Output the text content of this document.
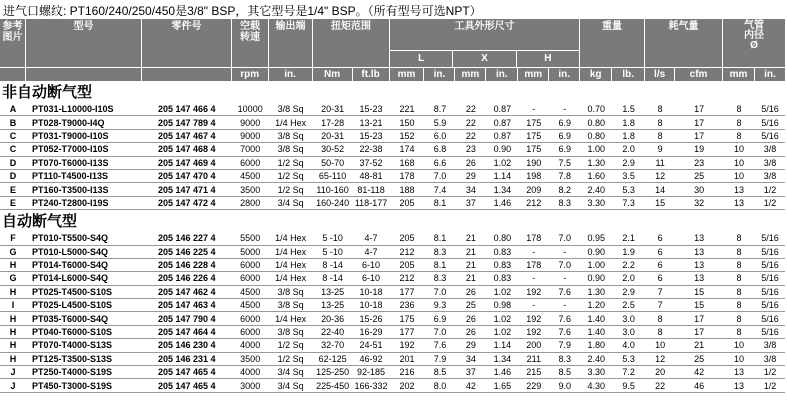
进气口螺纹: PT160/240/250/450是3/8" BSP，其它型号是1/4" BSP。（所有型号可选NPT）
参考
图片
型号	零件号	空载
转速
输出端	扭矩范围	工具外形尺寸
L	X	H
重量	耗气量	气管
内径
Ø
rpm	in.	Nm	ft.lb	mm	in.	mm	in.	mm	in.	kg	lb.	l/s	cfm	mm	in.
非自动断气型
A	PT031-L10000-I10S	205 147 466 4	10000	3/8 Sq	20-31	15-23	221	8.7	22	0.87	-	-	0.70	1.5	8	17	8	5/16
B	PT028-T9000-I4Q	205 147 789 4	9000	1/4 Hex	17-28	13-21	150	5.9	22	0.87	175	6.9	0.80	1.8	8	17	8	5/16
C	PT031-T9000-I10S	205 147 467 4	9000	3/8 Sq	20-31	15-23	152	6.0	22	0.87	175	6.9	0.80	1.8	8	17	8	5/16
C	PT052-T7000-I10S	205 147 468 4	7000	3/8 Sq	30-52	22-38	174	6.8	23	0.90	175	6.9	1.00	2.0	9	19	10	3/8
D	PT070-T6000-I13S	205 147 469 4	6000	1/2 Sq	50-70	37-52	168	6.6	26	1.02	190	7.5	1.30	2.9	11	23	10	3/8
D	PT110-T4500-I13S	205 147 470 4	4500	1/2 Sq	65-110	48-81	178	7.0	29	1.14	198	7.8	1.60	3.5	12	25	10	3/8
E	PT160-T3500-I13S	205 147 471 4	3500	1/2 Sq	110-160 81-118	188	7.4	34	1.34	209	8.2	2.40	5.3	14	30	13	1/2
E	PT240-T2800-I19S	205 147 472 4	2800	3/4 Sq	160-240 118-177	205	8.1	37	1.46	212	8.3	3.30	7.3	15	32	13	1/2
自动断气型
F	PT010-T5500-S4Q	205 146 227 4	5500	1/4 Hex	5 -10	4-7	205	8.1	21	0.80	178	7.0	0.95	2.1	6	13	8	5/16
G	PT010-L5000-S4Q	205 146 225 4	5000	1/4 Hex	5 -10	4-7	212	8.3	21	0.83	-	-	0.90	1.9	6	13	8	5/16
H	PT014-T6000-S4Q	205 146 228 4	6000	1/4 Hex	8 -14	6-10	205	8.1	21	0.83	178	7.0	1.00	2.2	6	13	8	5/16
G	PT014-L6000-S4Q	205 146 226 4	6000	1/4 Hex	8 -14	6-10	212	8.3	21	0.83	-	-	0.90	2.0	6	13	8	5/16
H	PT025-T4500-S10S	205 147 462 4	4500	3/8 Sq	13-25	10-18	177	7.0	26	1.02	192	7.6	1.30	2.9	7	15	8	5/16
I	PT025-L4500-S10S	205 147 463 4	4500	3/8 Sq	13-25	10-18	236	9.3	25	0.98	-	-	1.20	2.5	7	15	8	5/16
H	PT035-T6000-S4Q	205 147 790 4	6000	1/4 Hex	20-36	15-26	175	6.9	26	1.02	192	7.6	1.40	3.0	8	17	8	5/16
H	PT040-T6000-S10S	205 147 464 4	6000	3/8 Sq	22-40	16-29	177	7.0	26	1.02	192	7.6	1.40	3.0	8	17	8	5/16
H	PT070-T4000-S13S	205 146 230 4	4000	1/2 Sq	32-70	24-51	192	7.6	29	1.14	200	7.9	1.80	4.0	10	21	10	3/8
H	PT125-T3500-S13S	205 146 231 4	3500	1/2 Sq	62-125	46-92	201	7.9	34	1.34	211	8.3	2.40	5.3	12	25	10	3/8
J	PT250-T4000-S19S	205 147 465 4	4000	3/4 Sq	125-250 92-185	216	8.5	37	1.46	215	8.5	3.30	7.2	20	42	13	1/2
J	PT450-T3000-S19S	205 147 465 4	3000	3/4 Sq	225-450 166-332	202	8.0	42	1.65	229	9.0	4.30	9.5	22	46	13	1/2
